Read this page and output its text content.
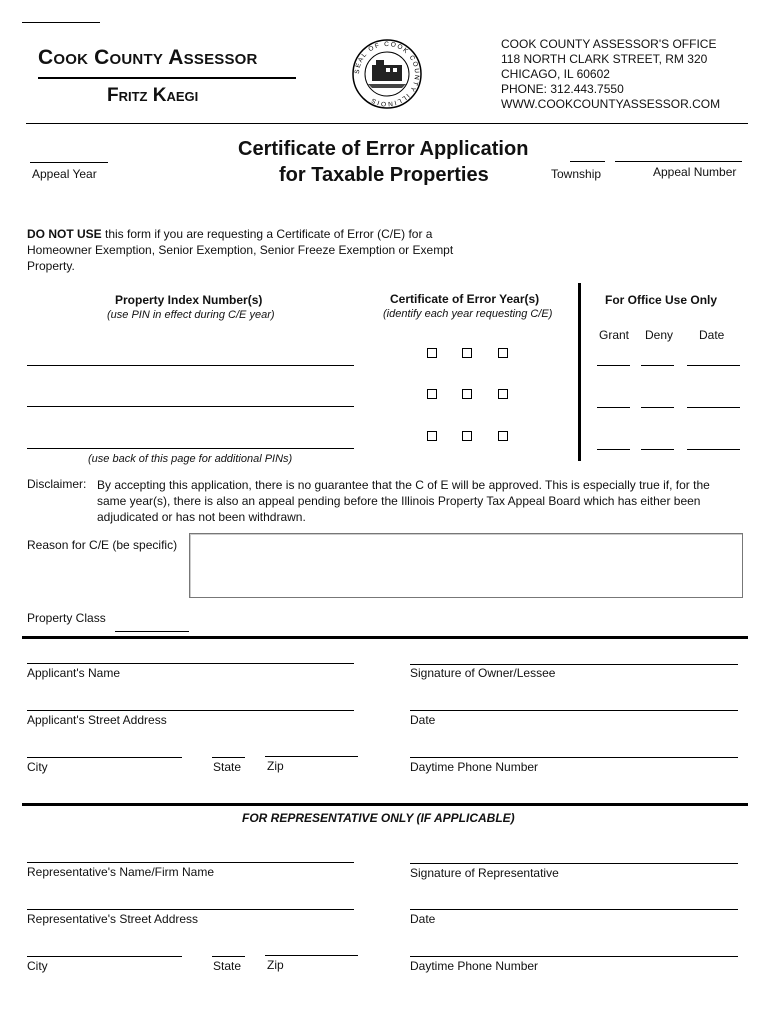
Cook County Assessor
Fritz Kaegi
SEAL OF COOK COUNTY ILLINOIS
COOK COUNTY ASSESSOR'S OFFICE
118 NORTH CLARK STREET, RM 320
CHICAGO, IL 60602
PHONE: 312.443.7550
WWW.COOKCOUNTYASSESSOR.COM
Appeal Year
Certificate of Error Application
for Taxable Properties	Township	Appeal Number
DO NOT USE this form if you are requesting a Certificate of Error (C/E) for a
Homeowner Exemption, Senior Exemption, Senior Freeze Exemption or Exempt
Property.
Property Index Number(s)
(use PIN in effect during C/E year)
Certificate of Error Year(s)
(identify each year requesting C/E)
For Office Use Only
Grant Deny Date
(use back of this page for additional PINs)
Disclaimer: By accepting this application, there is no guarantee that the C of E will be approved. This is especially true if, for the
same year(s), there is also an appeal pending before the Illinois Property Tax Appeal Board which has either been
adjudicated or has not been withdrawn.
Reason for C/E (be specific)
Property Class
Applicant's Name	Signature of Owner/Lessee
Applicant's Street Address	Date
City	State Zip	Daytime Phone Number
FOR REPRESENTATIVE ONLY (IF APPLICABLE)
Representative's Name/Firm Name	Signature of Representative
Representative's Street Address	Date
City	State Zip	Daytime Phone Number
